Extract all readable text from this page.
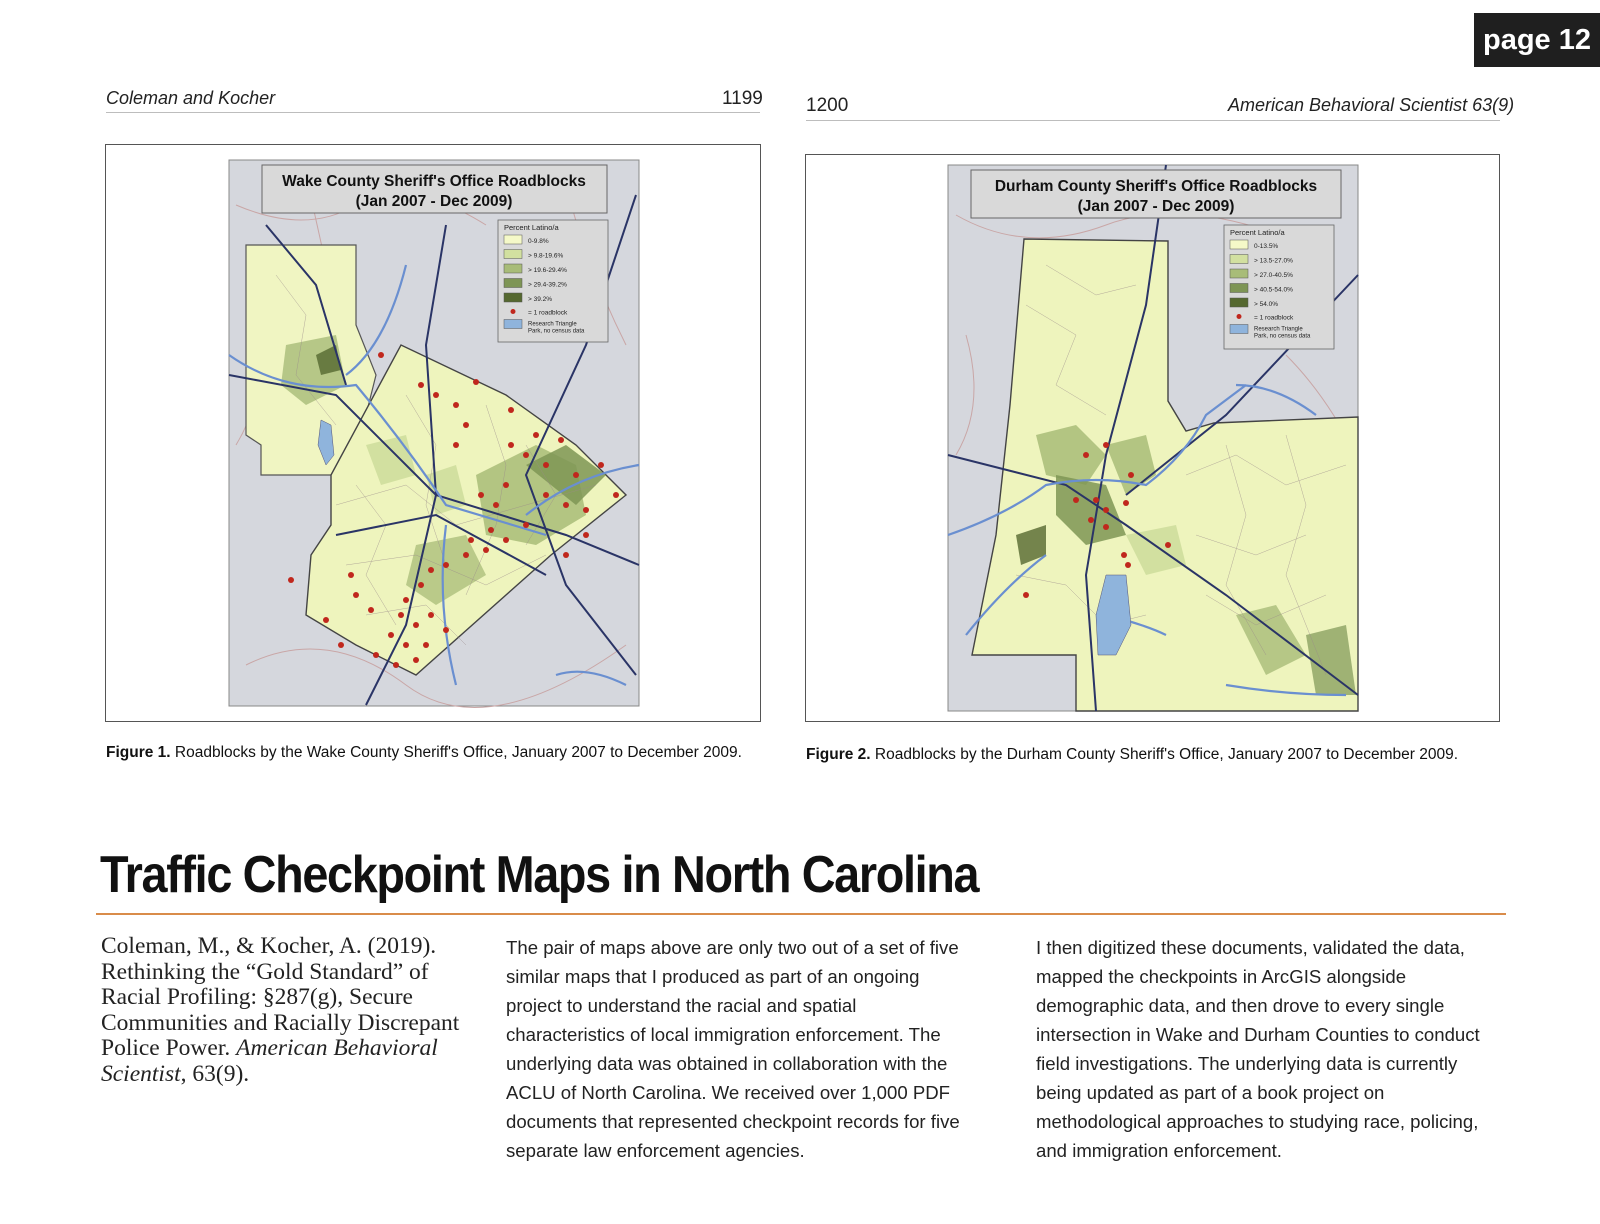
page 12
Coleman and Kocher	1199 1200	American Behavioral Scientist 63(9)
Wake County Sheriff's Office Roadblocks
(Jan 2007 - Dec 2009)
Percent Latino/a
0-9.8%
> 9.8-19.6%
> 19.6-29.4%
> 29.4-39.2%
> 39.2%
= 1 roadblock
Research Triangle
Park, no census data
Durham County Sheriff's Office Roadblocks
(Jan 2007 - Dec 2009)
Percent Latino/a
0-13.5%
> 13.5-27.0%
> 27.0-40.5%
> 40.5-54.0%
> 54.0%
= 1 roadblock
Research Triangle
Park, no census data
Figure 1. Roadblocks by the Wake County Sheriff's Office, January 2007 to December 2009.	Figure 2. Roadblocks by the Durham County Sheriff's Office, January 2007 to December 2009.
Traffic Checkpoint Maps in North Carolina
Coleman, M., & Kocher, A. (2019). Rethinking the “Gold Standard” of Racial Profiling: §287(g), Secure Communities and Racially Discrepant Police Power. American Behavioral Scientist, 63(9).
The pair of maps above are only two out of a set of five similar maps that I produced as part of an ongoing project to understand the racial and spatial characteristics of local immigration enforcement. The underlying data was obtained in collaboration with the ACLU of North Carolina. We received over 1,000 PDF documents that represented checkpoint records for five separate law enforcement agencies.
I then digitized these documents, validated the data, mapped the checkpoints in ArcGIS alongside demographic data, and then drove to every single intersection in Wake and Durham Counties to conduct field investigations. The underlying data is currently being updated as part of a book project on methodological approaches to studying race, policing, and immigration enforcement.
